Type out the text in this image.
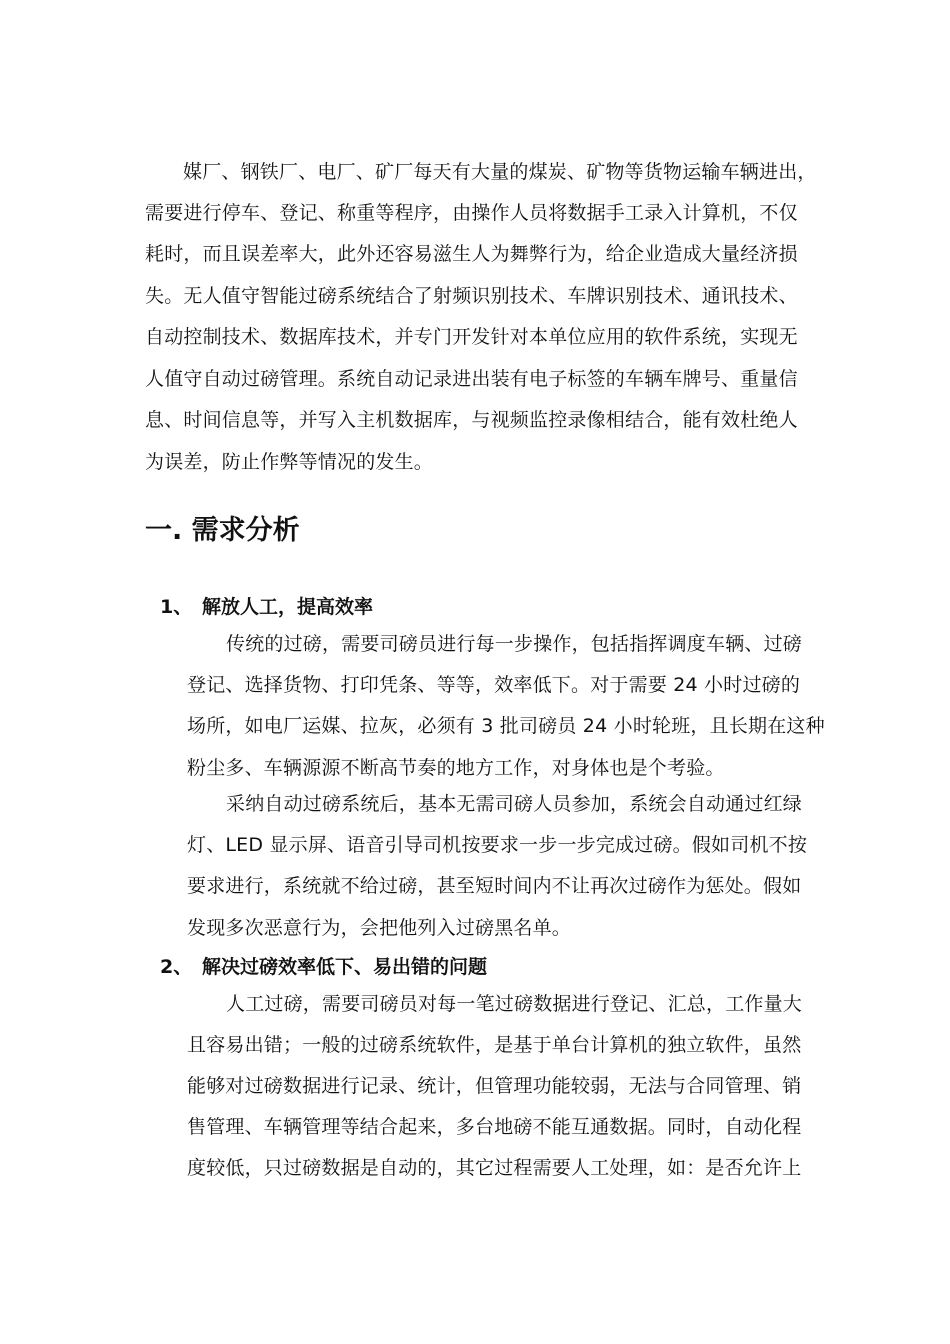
媒厂、钢铁厂、电厂、矿厂每天有大量的煤炭、矿物等货物运输车辆进出，
需要进行停车、登记、称重等程序，由操作人员将数据手工录入计算机，不仅
耗时，而且误差率大，此外还容易滋生人为舞弊行为，给企业造成大量经济损
失。无人值守智能过磅系统结合了射频识别技术、车牌识别技术、通讯技术、
自动控制技术、数据库技术，并专门开发针对本单位应用的软件系统，实现无
人值守自动过磅管理。系统自动记录进出装有电子标签的车辆车牌号、重量信
息、时间信息等，并写入主机数据库，与视频监控录像相结合，能有效杜绝人
为误差，防止作弊等情况的发生。
一. 需求分析
1、 解放人工，提高效率
传统的过磅，需要司磅员进行每一步操作，包括指挥调度车辆、过磅
登记、选择货物、打印凭条、等等，效率低下。对于需要 24 小时过磅的
场所，如电厂运媒、拉灰，必须有 3 批司磅员 24 小时轮班，且长期在这种
粉尘多、车辆源源不断高节奏的地方工作，对身体也是个考验。
采纳自动过磅系统后，基本无需司磅人员参加，系统会自动通过红绿
灯、LED 显示屏、语音引导司机按要求一步一步完成过磅。假如司机不按
要求进行，系统就不给过磅，甚至短时间内不让再次过磅作为惩处。假如
发现多次恶意行为，会把他列入过磅黑名单。
2、 解决过磅效率低下、易出错的问题
人工过磅，需要司磅员对每一笔过磅数据进行登记、汇总，工作量大
且容易出错；一般的过磅系统软件，是基于单台计算机的独立软件，虽然
能够对过磅数据进行记录、统计，但管理功能较弱，无法与合同管理、销
售管理、车辆管理等结合起来，多台地磅不能互通数据。同时，自动化程
度较低，只过磅数据是自动的，其它过程需要人工处理，如：是否允许上
